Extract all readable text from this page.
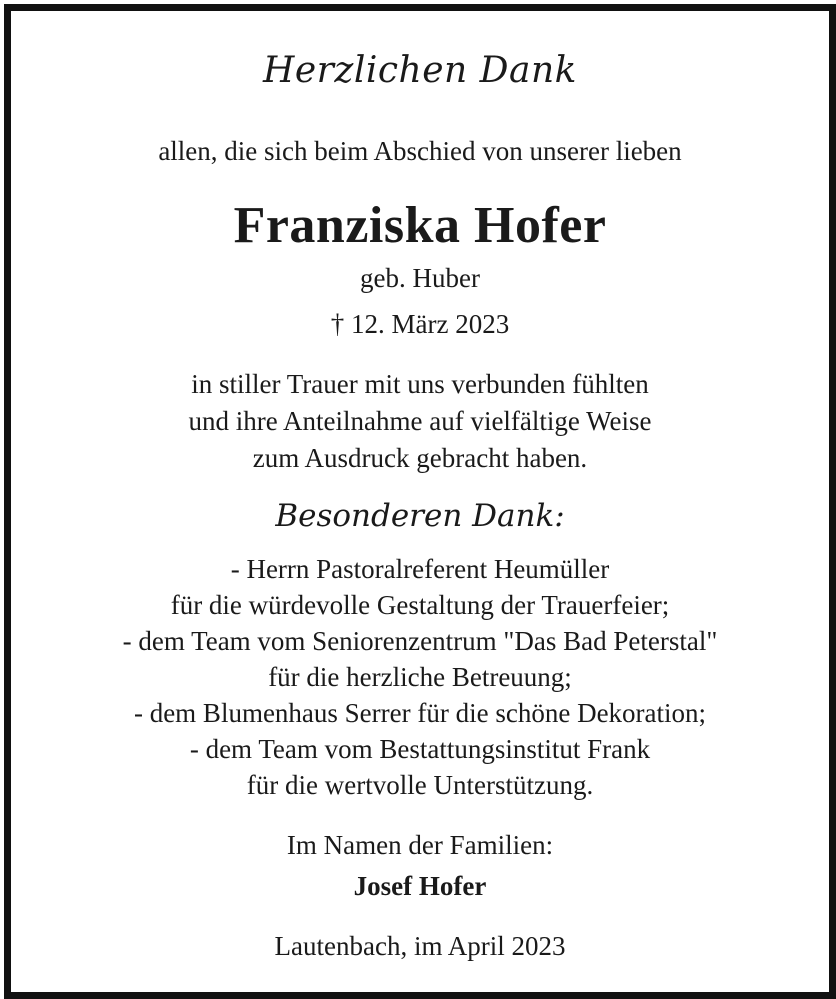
Herzlichen Dank
allen, die sich beim Abschied von unserer lieben
Franziska Hofer
geb. Huber
† 12. März 2023
in stiller Trauer mit uns verbunden fühlten
und ihre Anteilnahme auf vielfältige Weise
zum Ausdruck gebracht haben.
Besonderen Dank:
- Herrn Pastoralreferent Heumüller
für die würdevolle Gestaltung der Trauerfeier;
- dem Team vom Seniorenzentrum "Das Bad Peterstal"
für die herzliche Betreuung;
- dem Blumenhaus Serrer für die schöne Dekoration;
- dem Team vom Bestattungsinstitut Frank
für die wertvolle Unterstützung.
Im Namen der Familien:
Josef Hofer
Lautenbach, im April 2023
